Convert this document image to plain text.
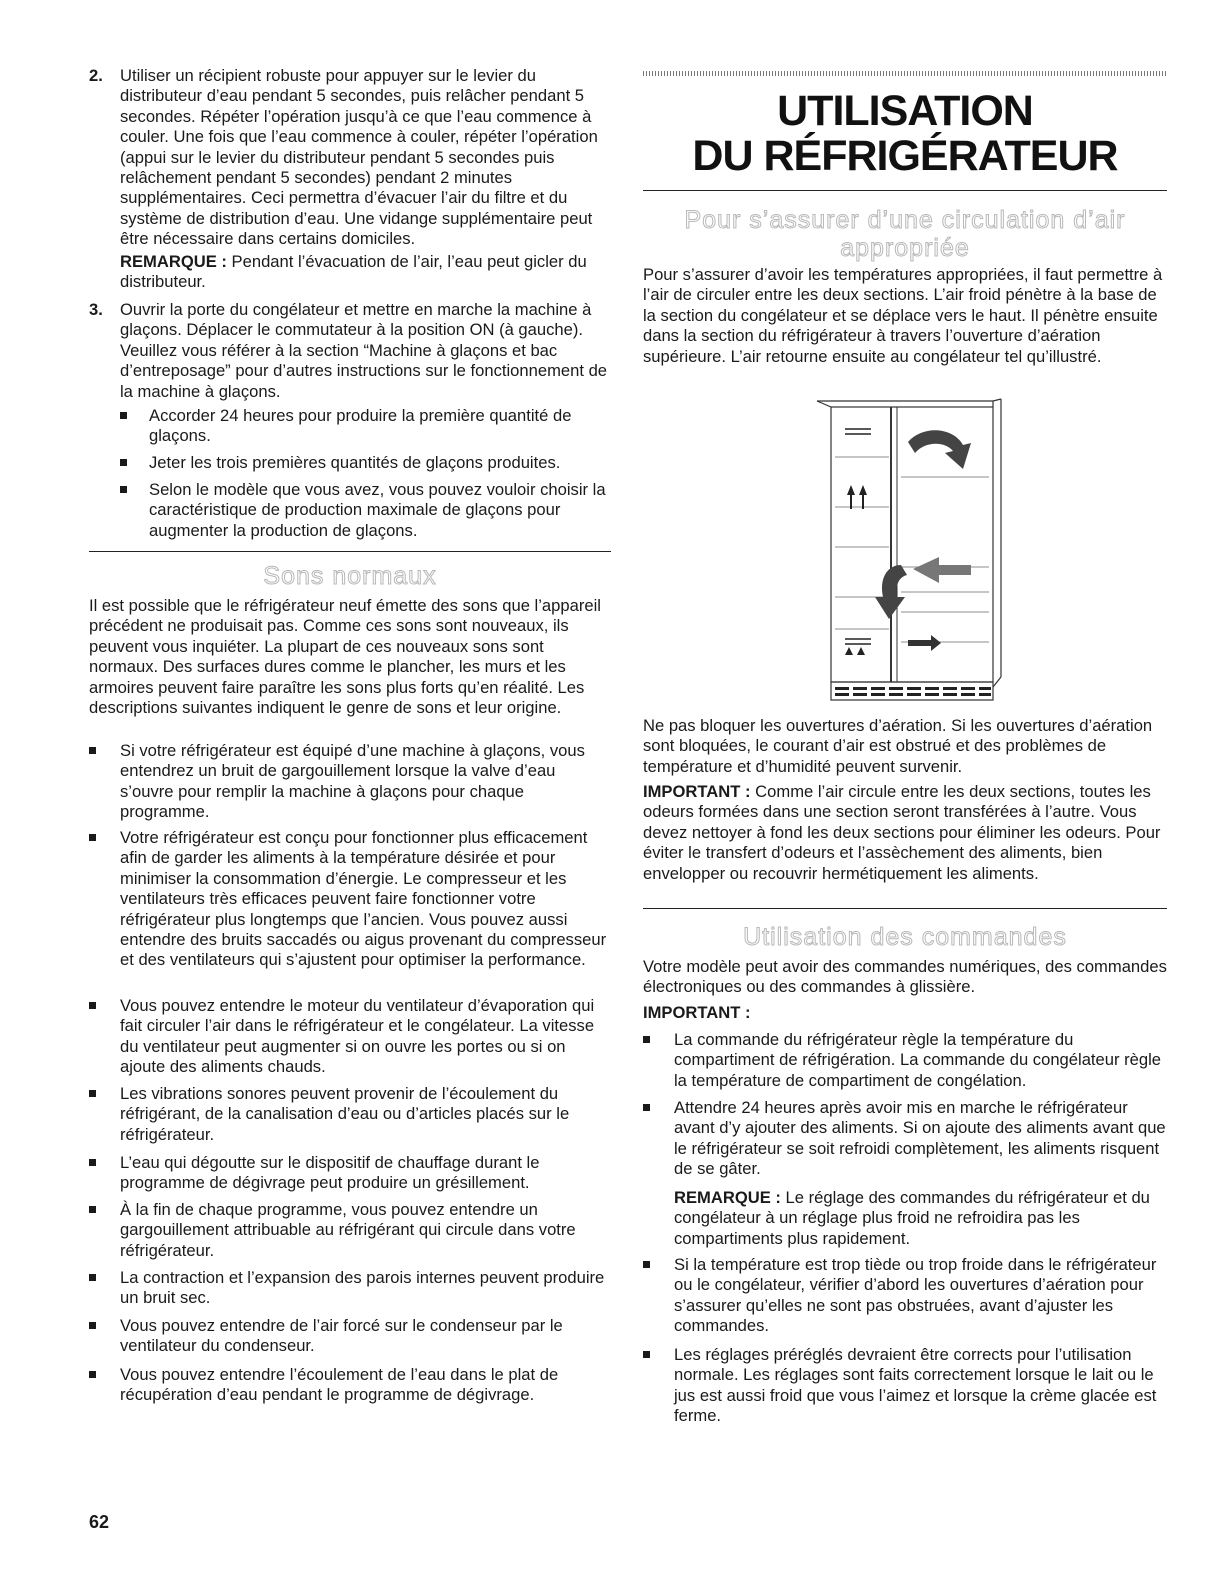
2. Utiliser un récipient robuste pour appuyer sur le levier du distributeur d’eau pendant 5 secondes, puis relâcher pendant 5 secondes. Répéter l’opération jusqu’à ce que l’eau commence à couler. Une fois que l’eau commence à couler, répéter l’opération (appui sur le levier du distributeur pendant 5 secondes puis relâchement pendant 5 secondes) pendant 2 minutes supplémentaires. Ceci permettra d’évacuer l’air du filtre et du système de distribution d’eau. Une vidange supplémentaire peut être nécessaire dans certains domiciles.
REMARQUE : Pendant l’évacuation de l’air, l’eau peut gicler du distributeur.
3. Ouvrir la porte du congélateur et mettre en marche la machine à glaçons. Déplacer le commutateur à la position ON (à gauche). Veuillez vous référer à la section “Machine à glaçons et bac d’entreposage” pour d’autres instructions sur le fonctionnement de la machine à glaçons.
Accorder 24 heures pour produire la première quantité de glaçons.
Jeter les trois premières quantités de glaçons produites.
Selon le modèle que vous avez, vous pouvez vouloir choisir la caractéristique de production maximale de glaçons pour augmenter la production de glaçons.
Sons normaux
Il est possible que le réfrigérateur neuf émette des sons que l’appareil précédent ne produisait pas. Comme ces sons sont nouveaux, ils peuvent vous inquiéter. La plupart de ces nouveaux sons sont normaux. Des surfaces dures comme le plancher, les murs et les armoires peuvent faire paraître les sons plus forts qu’en réalité. Les descriptions suivantes indiquent le genre de sons et leur origine.
Si votre réfrigérateur est équipé d’une machine à glaçons, vous entendrez un bruit de gargouillement lorsque la valve d’eau s’ouvre pour remplir la machine à glaçons pour chaque programme.
Votre réfrigérateur est conçu pour fonctionner plus efficacement afin de garder les aliments à la température désirée et pour minimiser la consommation d’énergie. Le compresseur et les ventilateurs très efficaces peuvent faire fonctionner votre réfrigérateur plus longtemps que l’ancien. Vous pouvez aussi entendre des bruits saccadés ou aigus provenant du compresseur et des ventilateurs qui s’ajustent pour optimiser la performance.
Vous pouvez entendre le moteur du ventilateur d’évaporation qui fait circuler l’air dans le réfrigérateur et le congélateur. La vitesse du ventilateur peut augmenter si on ouvre les portes ou si on ajoute des aliments chauds.
Les vibrations sonores peuvent provenir de l’écoulement du réfrigérant, de la canalisation d’eau ou d’articles placés sur le réfrigérateur.
L’eau qui dégoutte sur le dispositif de chauffage durant le programme de dégivrage peut produire un grésillement.
À la fin de chaque programme, vous pouvez entendre un gargouillement attribuable au réfrigérant qui circule dans votre réfrigérateur.
La contraction et l’expansion des parois internes peuvent produire un bruit sec.
Vous pouvez entendre de l’air forcé sur le condenseur par le ventilateur du condenseur.
Vous pouvez entendre l’écoulement de l’eau dans le plat de récupération d’eau pendant le programme de dégivrage.
UTILISATION
DU RÉFRIGÉRATEUR
Pour s’assurer d’une circulation d’air
appropriée
Pour s’assurer d’avoir les températures appropriées, il faut permettre à l’air de circuler entre les deux sections. L’air froid pénètre à la base de la section du congélateur et se déplace vers le haut. Il pénètre ensuite dans la section du réfrigérateur à travers l’ouverture d’aération supérieure. L’air retourne ensuite au congélateur tel qu’illustré.
Ne pas bloquer les ouvertures d’aération. Si les ouvertures d’aération sont bloquées, le courant d’air est obstrué et des problèmes de température et d’humidité peuvent survenir.
IMPORTANT : Comme l’air circule entre les deux sections, toutes les odeurs formées dans une section seront transférées à l’autre. Vous devez nettoyer à fond les deux sections pour éliminer les odeurs. Pour éviter le transfert d’odeurs et l’assèchement des aliments, bien envelopper ou recouvrir hermétiquement les aliments.
Utilisation des commandes
Votre modèle peut avoir des commandes numériques, des commandes électroniques ou des commandes à glissière.
IMPORTANT :
La commande du réfrigérateur règle la température du compartiment de réfrigération. La commande du congélateur règle la température de compartiment de congélation.
Attendre 24 heures après avoir mis en marche le réfrigérateur avant d’y ajouter des aliments. Si on ajoute des aliments avant que le réfrigérateur se soit refroidi complètement, les aliments risquent de se gâter.
REMARQUE : Le réglage des commandes du réfrigérateur et du congélateur à un réglage plus froid ne refroidira pas les compartiments plus rapidement.
Si la température est trop tiède ou trop froide dans le réfrigérateur ou le congélateur, vérifier d’abord les ouvertures d’aération pour s’assurer qu’elles ne sont pas obstruées, avant d’ajuster les commandes.
Les réglages préréglés devraient être corrects pour l’utilisation normale. Les réglages sont faits correctement lorsque le lait ou le jus est aussi froid que vous l’aimez et lorsque la crème glacée est ferme.
62
